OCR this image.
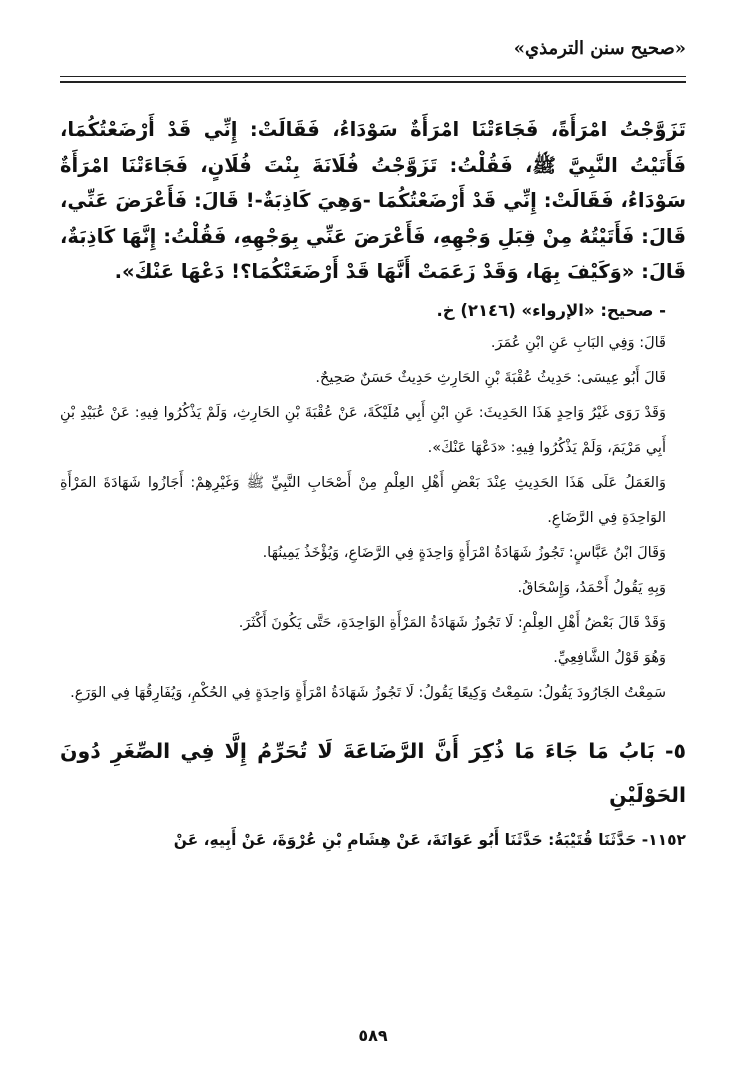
«صحيح سنن الترمذي»

تَزَوَّجْتُ امْرَأَةً، فَجَاءَتْنَا امْرَأَةٌ سَوْدَاءُ، فَقَالَتْ: إِنِّي قَدْ أَرْضَعْتُكُمَا، فَأَتَيْتُ النَّبِيَّ ﷺ، فَقُلْتُ: تَزَوَّجْتُ فُلَانَةَ بِنْتَ فُلَانٍ، فَجَاءَتْنَا امْرَأَةٌ سَوْدَاءُ، فَقَالَتْ: إِنِّي قَدْ أَرْضَعْتُكُمَا -وَهِيَ كَاذِبَةٌ-! قَالَ: فَأَعْرَضَ عَنِّي، قَالَ: فَأَتَيْتُهُ مِنْ قِبَلِ وَجْهِهِ، فَأَعْرَضَ عَنِّي بِوَجْهِهِ، فَقُلْتُ: إِنَّهَا كَاذِبَةٌ، قَالَ: «وَكَيْفَ بِهَا، وَقَدْ زَعَمَتْ أَنَّهَا قَدْ أَرْضَعَتْكُمَا؟! دَعْهَا عَنْكَ».

- صحيح: «الإرواء» (٢١٤٦) خ.

قَالَ: وَفِي البَابِ عَنِ ابْنِ عُمَرَ.

قَالَ أَبُو عِيسَى: حَدِيثُ عُقْبَةَ بْنِ الحَارِثِ حَدِيثٌ حَسَنٌ صَحِيحٌ.

وَقَدْ رَوَى غَيْرُ وَاحِدٍ هَذَا الحَدِيثَ: عَنِ ابْنِ أَبِي مُلَيْكَةَ، عَنْ عُقْبَةَ بْنِ الحَارِثِ، وَلَمْ يَذْكُرُوا فِيهِ: عَنْ عُبَيْدِ بْنِ أَبِي مَرْيَمَ، وَلَمْ يَذْكُرُوا فِيهِ: «دَعْهَا عَنْكَ».

وَالعَمَلُ عَلَى هَذَا الحَدِيثِ عِنْدَ بَعْضِ أَهْلِ العِلْمِ مِنْ أَصْحَابِ النَّبِيِّ ﷺ وَغَيْرِهِمْ: أَجَازُوا شَهَادَةَ المَرْأَةِ الوَاحِدَةِ فِي الرَّضَاعِ.

وَقَالَ ابْنُ عَبَّاسٍ: تَجُوزُ شَهَادَةُ امْرَأَةٍ وَاحِدَةٍ فِي الرَّضَاعِ، وَيُؤْخَذُ يَمِينُهَا.

وَبِهِ يَقُولُ أَحْمَدُ، وَإِسْحَاقُ.

وَقَدْ قَالَ بَعْضُ أَهْلِ العِلْمِ: لَا تَجُوزُ شَهَادَةُ المَرْأَةِ الوَاحِدَةِ، حَتَّى يَكُونَ أَكْثَرَ.

وَهُوَ قَوْلُ الشَّافِعِيِّ.

سَمِعْتُ الجَارُودَ يَقُولُ: سَمِعْتُ وَكِيعًا يَقُولُ: لَا تَجُوزُ شَهَادَةُ امْرَأَةٍ وَاحِدَةٍ فِي الحُكْمِ، وَيُفَارِقُهَا فِي الوَرَعِ.

٥- بَابُ مَا جَاءَ مَا ذُكِرَ أَنَّ الرَّضَاعَةَ لَا تُحَرِّمُ إِلَّا فِي الصِّغَرِ دُونَ الحَوْلَيْنِ
١١٥٢- حَدَّثَنَا قُتَيْبَةُ: حَدَّثَنَا أَبُو عَوَانَةَ، عَنْ هِشَامِ بْنِ عُرْوَةَ، عَنْ أَبِيهِ، عَنْ
٥٨٩
